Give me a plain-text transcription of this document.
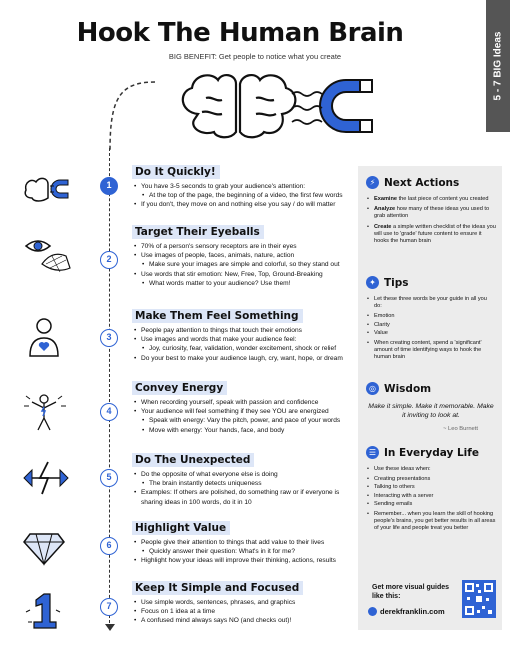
Hook The Human Brain
BIG BENEFIT: Get people to notice what you create	5 - 7 BIG Ideas
1
2
3
4
5
6
7
Do It Quickly!
• You have 3-5 seconds to grab your audience's attention:
• At the top of the page, the beginning of a video, the first few words
• If you don't, they move on and nothing else you say / do will matter
Target Their Eyeballs
• 70% of a person's sensory receptors are in their eyes
• Use images of people, faces, animals, nature, action
• Make sure your images are simple and colorful, so they stand out
• Use words that stir emotion: New, Free, Top, Ground-Breaking
• What words matter to your audience? Use them!
Make Them Feel Something
• People pay attention to things that touch their emotions
• Use images and words that make your audience feel:
• Joy, curiosity, fear, validation, wonder excitement, shock or relief
• Do your best to make your audience laugh, cry, want, hope, or dream
Convey Energy
• When recording yourself, speak with passion and confidence
• Your audience will feel something if they see YOU are energized
• Speak with energy: Vary the pitch, power, and pace of your words
• Move with energy: Your hands, face, and body
Do The Unexpected
• Do the opposite of what everyone else is doing
• The brain instantly detects uniqueness
• Examples: If others are polished, do something raw or if everyone is sharing ideas in 100 words, do it in 10
Highlight Value
• People give their attention to things that add value to their lives
• Quickly answer their question: What's in it for me?
• Highlight how your ideas will improve their thinking, actions, results
Keep It Simple and Focused
• Use simple words, sentences, phrases, and graphics
• Focus on 1 idea at a time
• A confused mind always says NO (and checks out)!
⚡ Next Actions
• Examine the last piece of content you created
• Analyze how many of these ideas you used to grab attention
• Create a simple written checklist of the ideas you will use to 'grade' future content to ensure it hooks the human brain
✦ Tips
• Let these three words be your guide in all you do:
• Emotion
• Clarity
• Value
• When creating content, spend a 'significant' amount of time identifying ways to hook the human brain
◎ Wisdom
Make it simple. Make it memorable. Make it inviting to look at.
~ Leo Burnett
☰ In Everyday Life
• Use these ideas when:
• Creating presentations
• Talking to others
• Interacting with a server
• Sending emails
• Remember... when you learn the skill of hooking people's brains, you get better results in all areas of your life and people treat you better
Get more visual guides like this:
derekfranklin.com
